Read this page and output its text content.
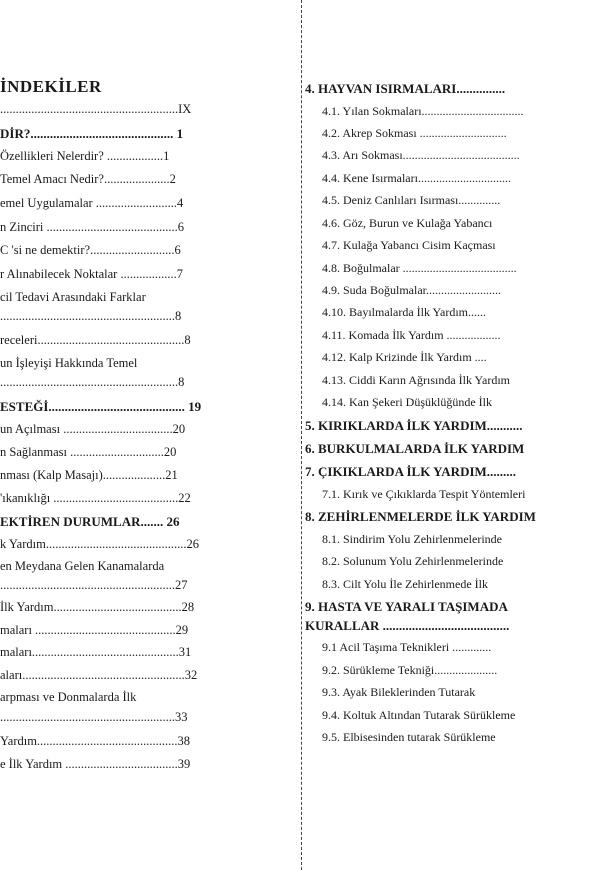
İNDEKİLER
.........................................................IX
DİR?............................................ 1
Özellikleri Nelerdir? ..................1
Temel Amacı Nedir?.....................2
emel Uygulamalar ..........................4
n Zinciri ..........................................6
C 'si ne demektir?...........................6
r Alınabilecek Noktalar ..................7
cil Tedavi Arasındaki Farklar
........................................................8
receleri...............................................8
un İşleyişi Hakkında Temel
.........................................................8
ESTEĞİ.......................................... 19
un Açılması ...................................20
n Sağlanması ..............................20
nması (Kalp Masajı)....................21
'ıkanıklığı ........................................22
EKTİREN DURUMLAR....... 26
k Yardım.............................................26
en Meydana Gelen Kanamalarda
........................................................27
İlk Yardım.........................................28
maları .............................................29
maları...............................................31
aları....................................................32
arpması ve Donmalarda İlk
........................................................33
Yardım.............................................38
e İlk Yardım ....................................39
4. HAYVAN ISIRMALARI...............
4.1. Yılan Sokmaları..................................
4.2. Akrep Sokması .............................
4.3. Arı Sokması.......................................
4.4. Kene Isırmaları...............................
4.5. Deniz Canlıları Isırması..............
4.6. Göz, Burun ve Kulağa Yabancı
4.7. Kulağa Yabancı Cisim Kaçması
4.8. Boğulmalar ......................................
4.9. Suda Boğulmalar.........................
4.10. Bayılmalarda İlk Yardım......
4.11. Komada İlk Yardım ..................
4.12. Kalp Krizinde İlk Yardım ....
4.13. Ciddi Karın Ağrısında İlk Yardım
4.14. Kan Şekeri Düşüklüğünde İlk
5. KIRIKLARDA İLK YARDIM...........
6. BURKULMALARDA İLK YARDIM
7. ÇIKIKLARDA İLK YARDIM.........
7.1. Kırık ve Çıkıklarda Tespit Yöntemleri
8. ZEHİRLENMELERDE İLK YARDIM
8.1. Sindirim Yolu Zehirlenmelerinde
8.2. Solunum Yolu Zehirlenmelerinde
8.3. Cilt Yolu İle Zehirlenmede İlk
9. HASTA VE YARALI TAŞIMADA
KURALLAR .......................................
9.1 Acil Taşıma Teknikleri .............
9.2. Sürükleme Tekniği.....................
9.3. Ayak Bileklerinden Tutarak
9.4. Koltuk Altından Tutarak Sürükleme
9.5. Elbisesinden tutarak Sürükleme
